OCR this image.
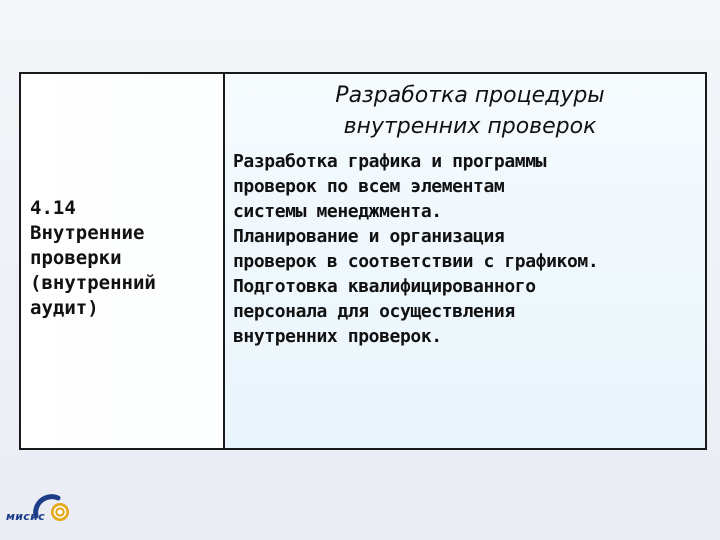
4.14
Внутренние
проверки
(внутренний
аудит)
Разработка процедуры
внутренних проверок
Разработка графика и программы
проверок по всем элементам
системы менеджмента.
Планирование и организация
проверок в соответствии с графиком.
Подготовка квалифицированного
персонала для осуществления
внутренних проверок.
мисис
